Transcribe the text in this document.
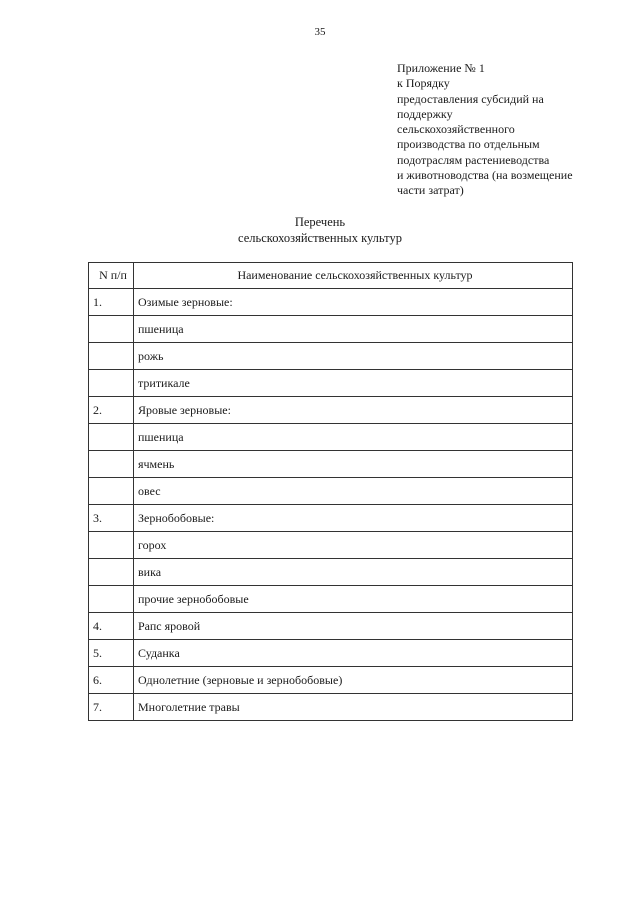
35
Приложение № 1
к Порядку
предоставления субсидий на
поддержку
сельскохозяйственного
производства по отдельным
подотраслям растениеводства
и животноводства (на возмещение
части затрат)
Перечень
сельскохозяйственных культур
N п/п	Наименование сельскохозяйственных культур
1.	Озимые зерновые:
	пшеница
	рожь
	тритикале
2.	Яровые зерновые:
	пшеница
	ячмень
	овес
3.	Зернобобовые:
	горох
	вика
	прочие зернобобовые
4.	Рапс яровой
5.	Суданка
6.	Однолетние (зерновые и зернобобовые)
7.	Многолетние травы
